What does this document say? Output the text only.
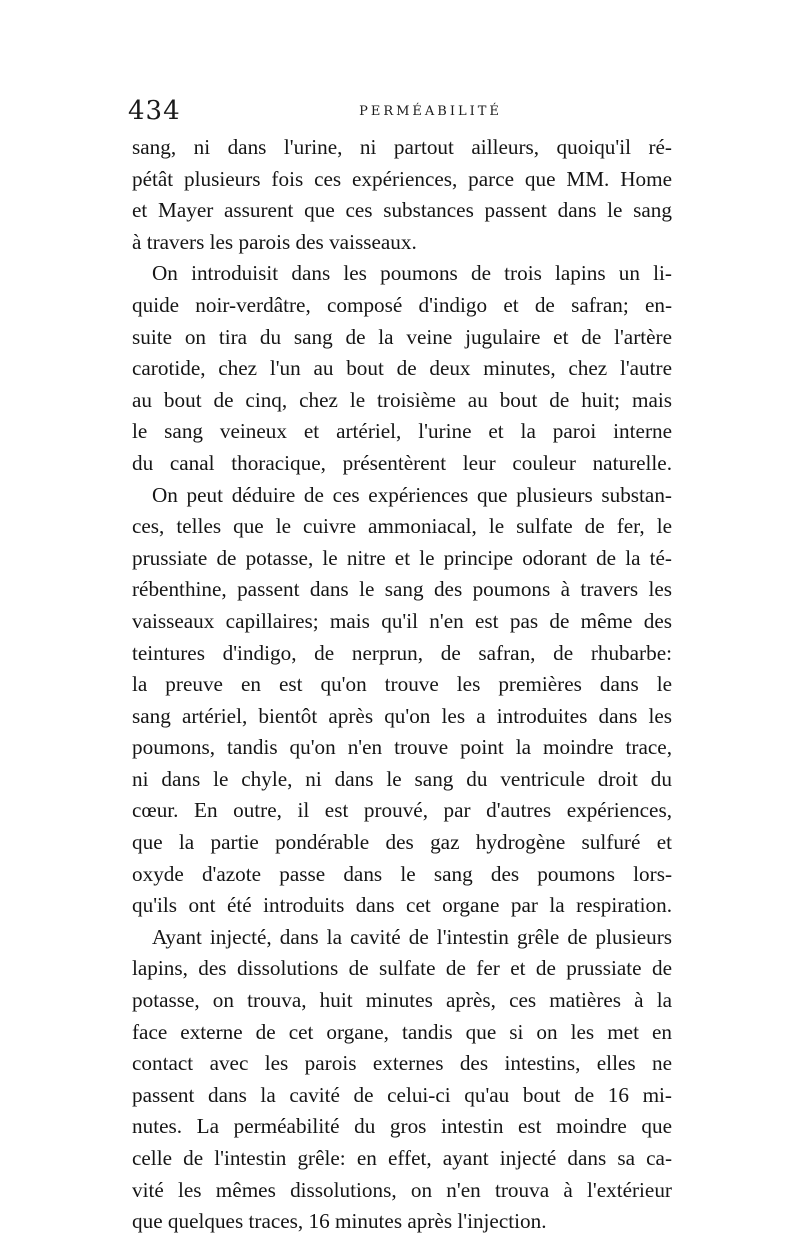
434	PERMÉABILITÉ
sang, ni dans l'urine, ni partout ailleurs, quoiqu'il ré-
pétât plusieurs fois ces expériences, parce que MM. Home
et Mayer assurent que ces substances passent dans le sang
à travers les parois des vaisseaux.
On introduisit dans les poumons de trois lapins un li-
quide noir-verdâtre, composé d'indigo et de safran; en-
suite on tira du sang de la veine jugulaire et de l'artère
carotide, chez l'un au bout de deux minutes, chez l'autre
au bout de cinq, chez le troisième au bout de huit; mais
le sang veineux et artériel, l'urine et la paroi interne
du canal thoracique, présentèrent leur couleur naturelle.
On peut déduire de ces expériences que plusieurs substan-
ces, telles que le cuivre ammoniacal, le sulfate de fer, le
prussiate de potasse, le nitre et le principe odorant de la té-
rébenthine, passent dans le sang des poumons à travers les
vaisseaux capillaires; mais qu'il n'en est pas de même des
teintures d'indigo, de nerprun, de safran, de rhubarbe:
la preuve en est qu'on trouve les premières dans le
sang artériel, bientôt après qu'on les a introduites dans les
poumons, tandis qu'on n'en trouve point la moindre trace,
ni dans le chyle, ni dans le sang du ventricule droit du
cœur. En outre, il est prouvé, par d'autres expériences,
que la partie pondérable des gaz hydrogène sulfuré et
oxyde d'azote passe dans le sang des poumons lors-
qu'ils ont été introduits dans cet organe par la respiration.
Ayant injecté, dans la cavité de l'intestin grêle de plusieurs
lapins, des dissolutions de sulfate de fer et de prussiate de
potasse, on trouva, huit minutes après, ces matières à la
face externe de cet organe, tandis que si on les met en
contact avec les parois externes des intestins, elles ne
passent dans la cavité de celui-ci qu'au bout de 16 mi-
nutes. La perméabilité du gros intestin est moindre que
celle de l'intestin grêle: en effet, ayant injecté dans sa ca-
vité les mêmes dissolutions, on n'en trouva à l'extérieur
que quelques traces, 16 minutes après l'injection.
